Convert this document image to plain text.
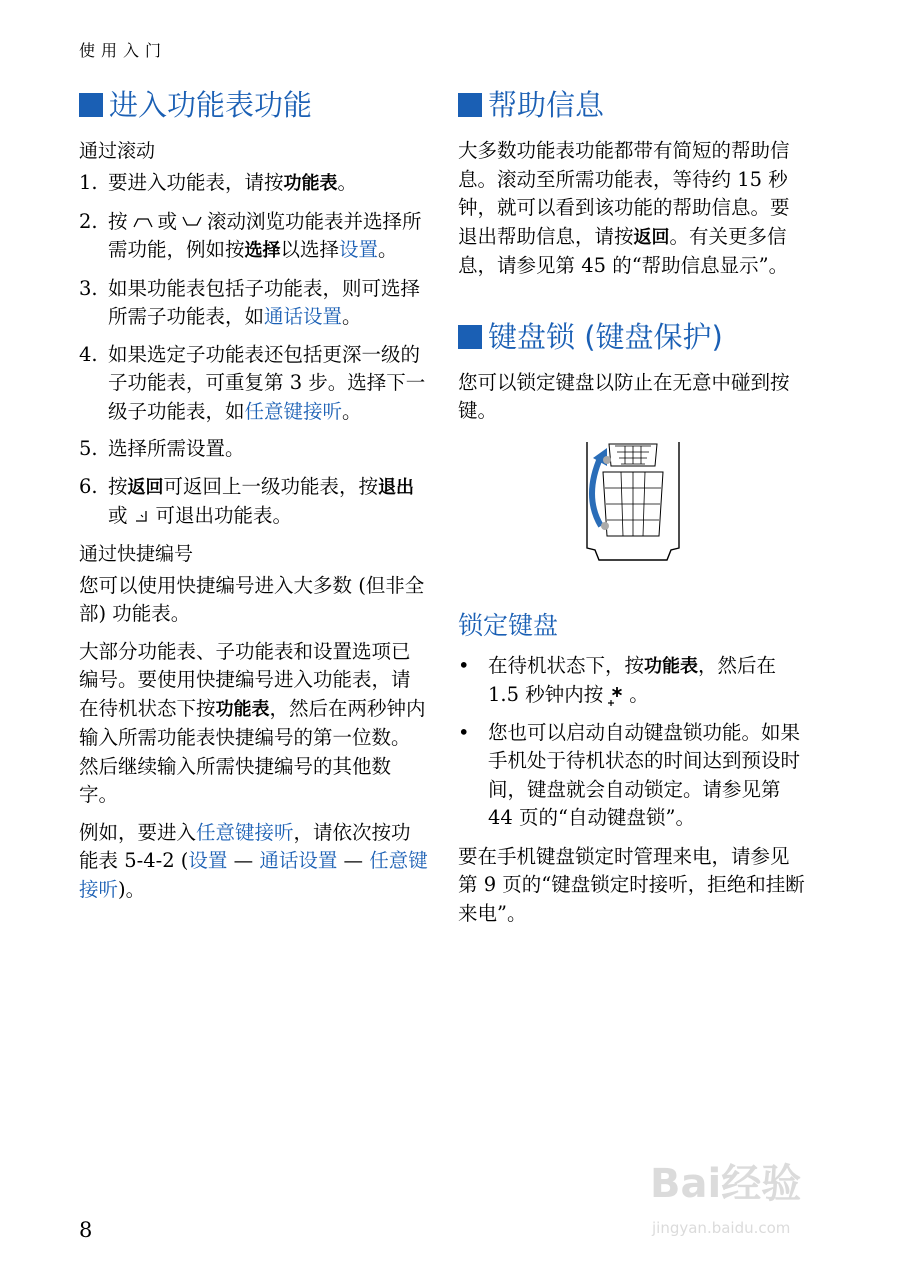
使用入门
进入功能表功能
通过滚动
1. 要进入功能表，请按功能表。
2. 按 或 滚动浏览功能表并选择所需功能，例如按选择以选择设置。
3. 如果功能表包括子功能表，则可选择所需子功能表，如通话设置。
4. 如果选定子功能表还包括更深一级的子功能表，可重复第 3 步。选择下一级子功能表，如任意键接听。
5. 选择所需设置。
6. 按返回可返回上一级功能表，按退出或 可退出功能表。
通过快捷编号

您可以使用快捷编号进入大多数 (但非全部) 功能表。

大部分功能表、子功能表和设置选项已编号。要使用快捷编号进入功能表，请在待机状态下按功能表，然后在两秒钟内输入所需功能表快捷编号的第一位数。然后继续输入所需快捷编号的其他数字。

例如，要进入任意键接听，请依次按功能表 5-4-2 (设置 — 通话设置 — 任意键接听)。

帮助信息

大多数功能表功能都带有简短的帮助信息。滚动至所需功能表，等待约 15 秒钟，就可以看到该功能的帮助信息。要退出帮助信息，请按返回。有关更多信息，请参见第 45 的“帮助信息显示”。

键盘锁 (键盘保护)

您可以锁定键盘以防止在无意中碰到按键。

锁定键盘
• 在待机状态下，按功能表，然后在 1.5 秒钟内按 。
• 您也可以启动自动键盘锁功能。如果手机处于待机状态的时间达到预设时间，键盘就会自动锁定。请参见第 44 页的“自动键盘锁”。

要在手机键盘锁定时管理来电，请参见第 9 页的“键盘锁定时接听，拒绝和挂断来电”。

8
Bai经验
jingyan.baidu.com
